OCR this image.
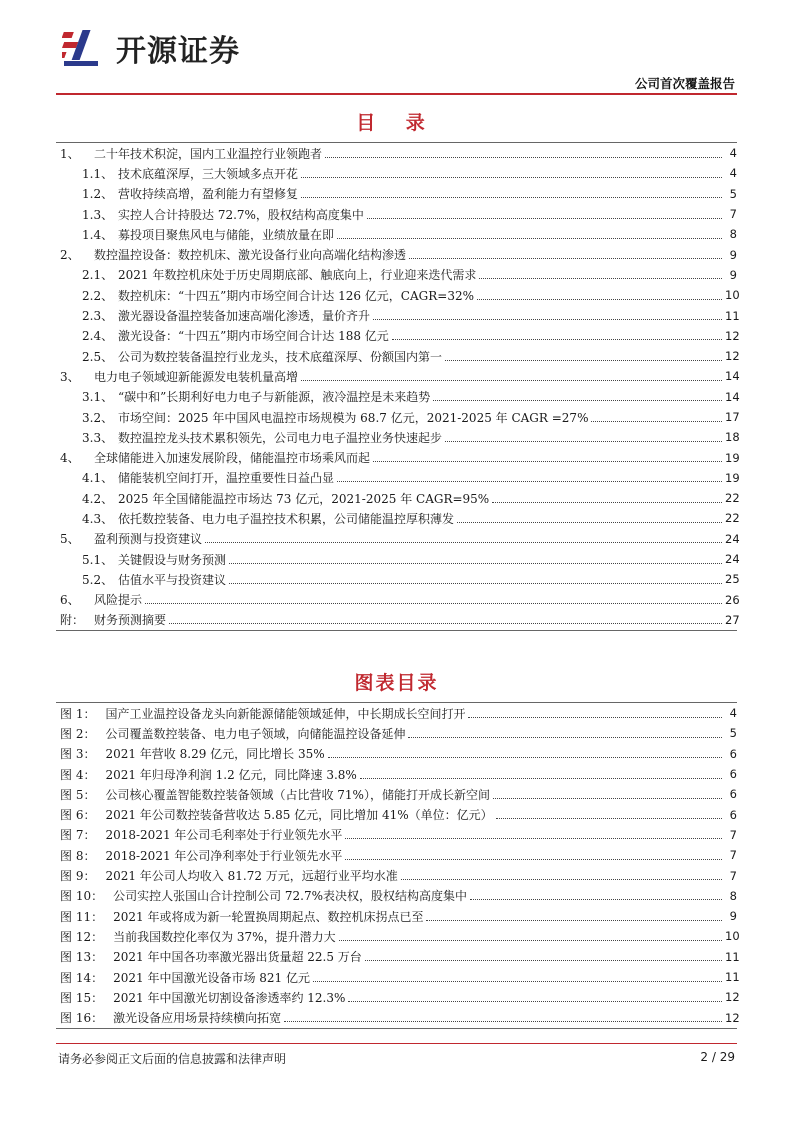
开源证券
公司首次覆盖报告
目 录
1、	二十年技术积淀，国内工业温控行业领跑者	4
1.1、 技术底蕴深厚，三大领域多点开花	4
1.2、 营收持续高增，盈利能力有望修复	5
1.3、 实控人合计持股达 72.7%，股权结构高度集中	7
1.4、 募投项目聚焦风电与储能，业绩放量在即	8
2、	数控温控设备：数控机床、激光设备行业向高端化结构渗透	9
2.1、 2021 年数控机床处于历史周期底部、触底向上，行业迎来迭代需求	9
2.2、 数控机床：“十四五”期内市场空间合计达 126 亿元，CAGR=32%	10
2.3、 激光器设备温控装备加速高端化渗透，量价齐升	11
2.4、 激光设备：“十四五”期内市场空间合计达 188 亿元	12
2.5、 公司为数控装备温控行业龙头，技术底蕴深厚、份额国内第一	12
3、	电力电子领域迎新能源发电装机量高增	14
3.1、 “碳中和”长期利好电力电子与新能源，液冷温控是未来趋势	14
3.2、 市场空间：2025 年中国风电温控市场规模为 68.7 亿元，2021-2025 年 CAGR =27%	17
3.3、 数控温控龙头技术累积领先，公司电力电子温控业务快速起步	18
4、	全球储能进入加速发展阶段，储能温控市场乘风而起	19
4.1、 储能装机空间打开，温控重要性日益凸显	19
4.2、 2025 年全国储能温控市场达 73 亿元，2021-2025 年 CAGR=95%	22
4.3、 依托数控装备、电力电子温控技术积累，公司储能温控厚积薄发	22
5、	盈利预测与投资建议	24
5.1、 关键假设与财务预测	24
5.2、 估值水平与投资建议	25
6、	风险提示	26
附： 财务预测摘要	27
图表目录
图 1： 国产工业温控设备龙头向新能源储能领域延伸，中长期成长空间打开	4
图 2： 公司覆盖数控装备、电力电子领域，向储能温控设备延伸	5
图 3： 2021 年营收 8.29 亿元，同比增长 35%	6
图 4： 2021 年归母净利润 1.2 亿元，同比降速 3.8%	6
图 5： 公司核心覆盖智能数控装备领域（占比营收 71%），储能打开成长新空间	6
图 6： 2021 年公司数控装备营收达 5.85 亿元，同比增加 41%（单位：亿元）	6
图 7： 2018-2021 年公司毛利率处于行业领先水平	7
图 8： 2018-2021 年公司净利率处于行业领先水平	7
图 9： 2021 年公司人均收入 81.72 万元，远超行业平均水准	7
图 10： 公司实控人张国山合计控制公司 72.7%表决权，股权结构高度集中	8
图 11： 2021 年或将成为新一轮置换周期起点、数控机床拐点已至	9
图 12： 当前我国数控化率仅为 37%，提升潜力大	10
图 13： 2021 年中国各功率激光器出货量超 22.5 万台	11
图 14： 2021 年中国激光设备市场 821 亿元	11
图 15： 2021 年中国激光切割设备渗透率约 12.3%	12
图 16： 激光设备应用场景持续横向拓宽	12
请务必参阅正文后面的信息披露和法律声明	2 / 29
